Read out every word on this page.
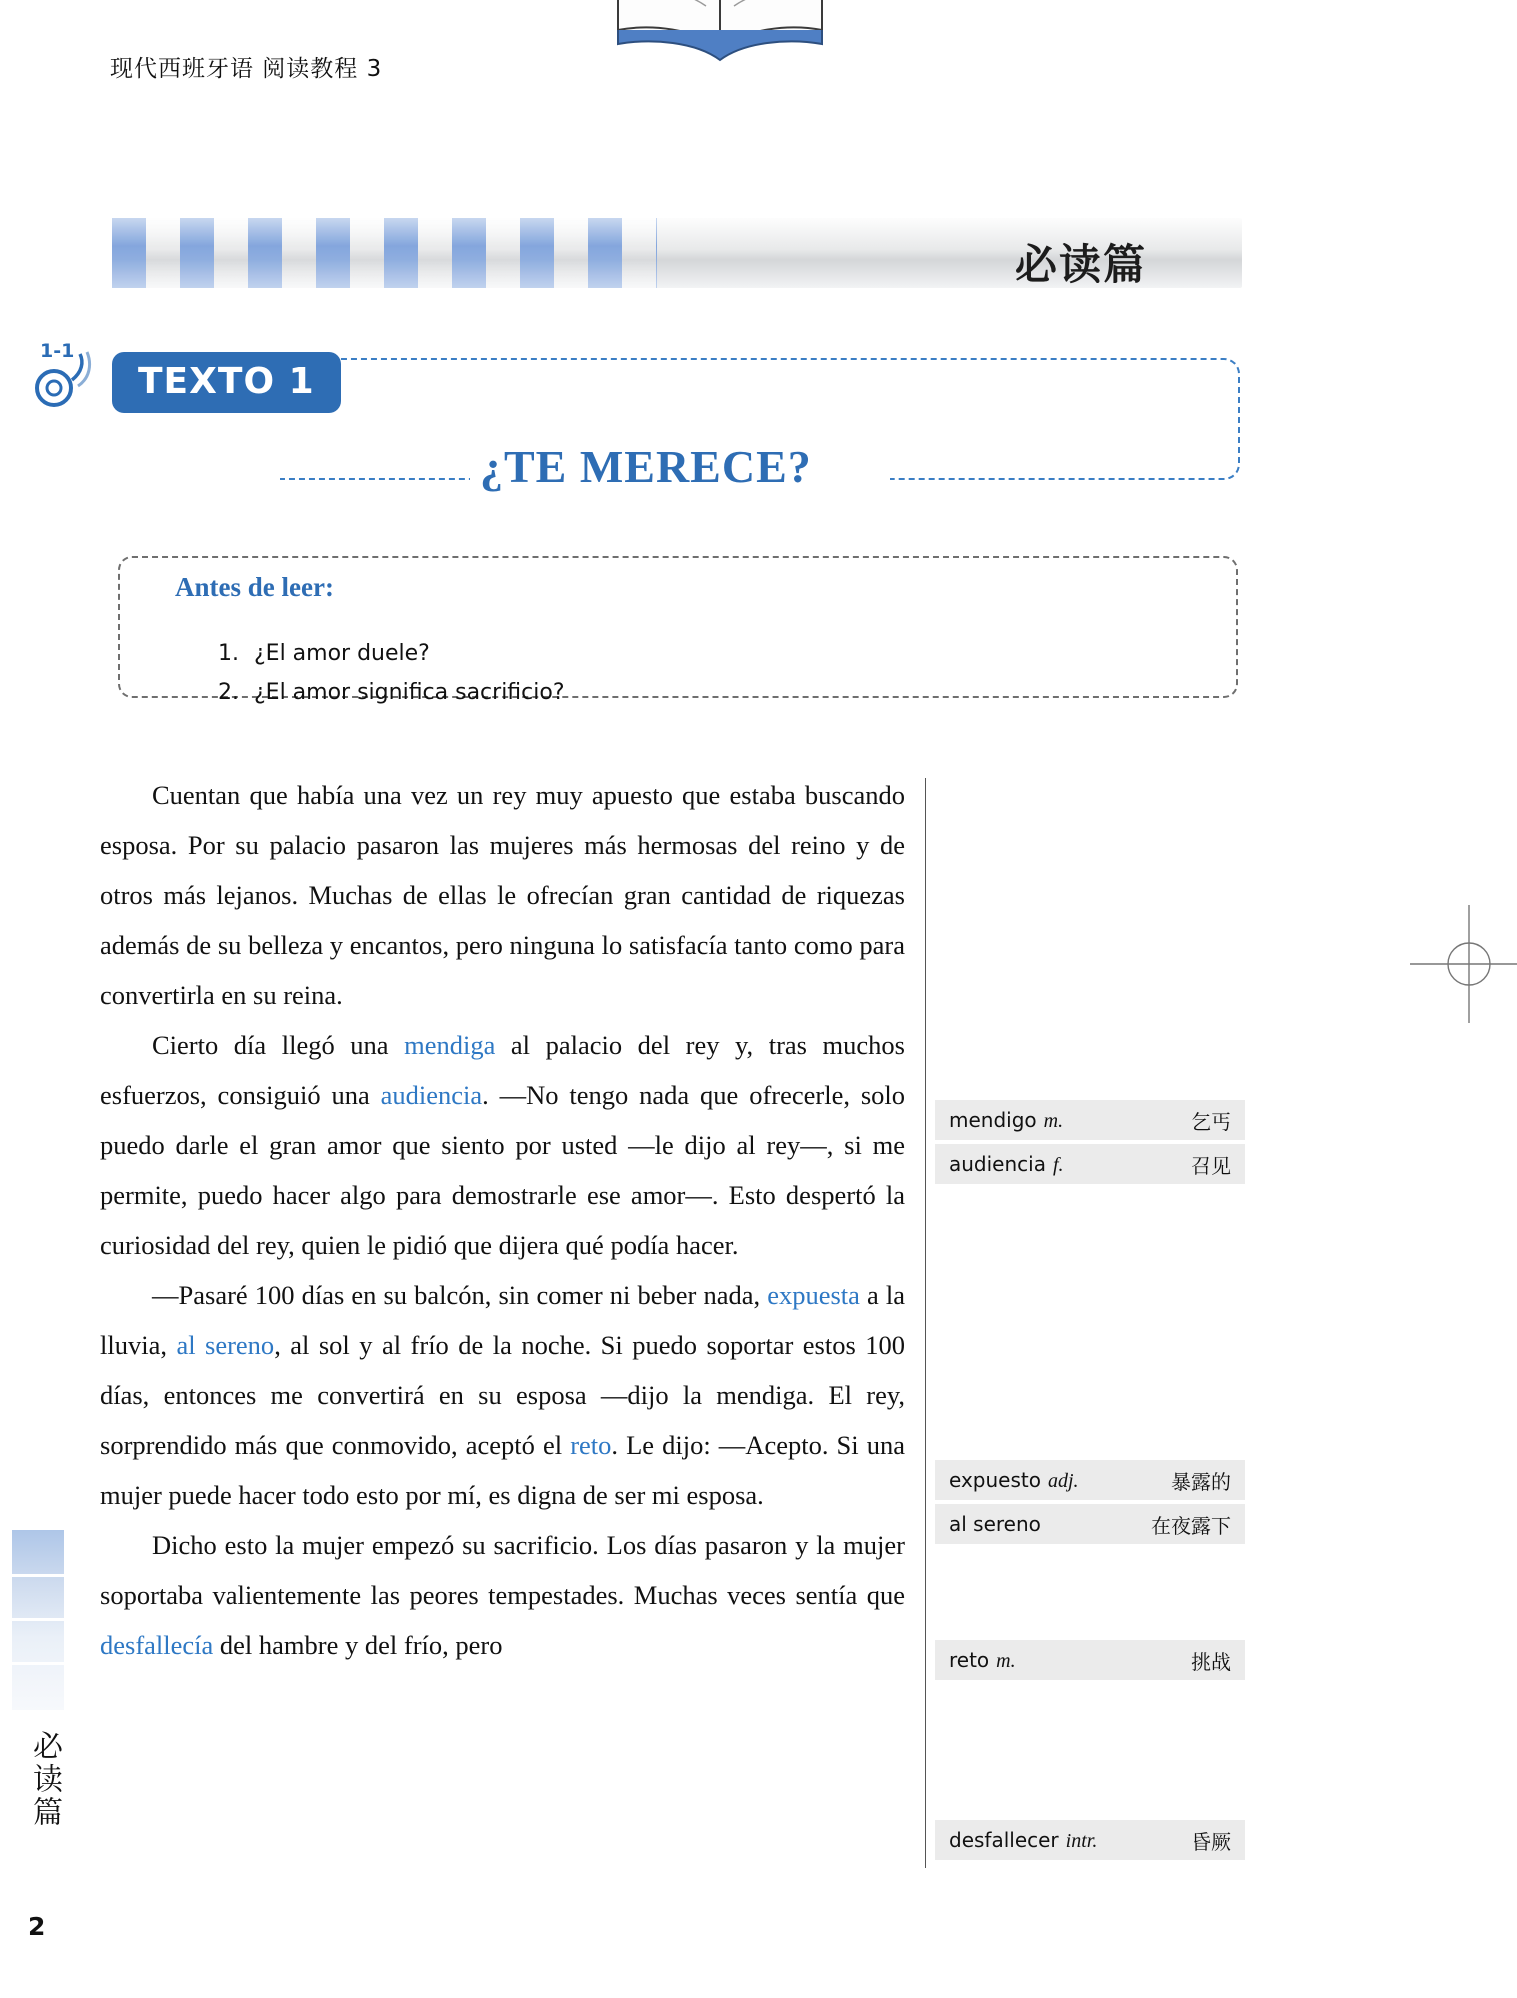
现代西班牙语 阅读教程 3
必读篇
1-1
TEXTO 1
¿TE MERECE?
Antes de leer:
1. ¿El amor duele?
2. ¿El amor significa sacrificio?

Cuentan que había una vez un rey muy apuesto que estaba buscando esposa. Por su palacio pasaron las mujeres más hermosas del reino y de otros más lejanos. Muchas de ellas le ofrecían gran cantidad de riquezas además de su belleza y encantos, pero ninguna lo satisfacía tanto como para convertirla en su reina.

Cierto día llegó una mendiga al palacio del rey y, tras muchos esfuerzos, consiguió una audiencia. —No tengo nada que ofrecerle, solo puedo darle el gran amor que siento por usted —le dijo al rey—, si me permite, puedo hacer algo para demostrarle ese amor—. Esto despertó la curiosidad del rey, quien le pidió que dijera qué podía hacer.

—Pasaré 100 días en su balcón, sin comer ni beber nada, expuesta a la lluvia, al sereno, al sol y al frío de la noche. Si puedo soportar estos 100 días, entonces me convertirá en su esposa —dijo la mendiga. El rey, sorprendido más que conmovido, aceptó el reto. Le dijo: —Acepto. Si una mujer puede hacer todo esto por mí, es digna de ser mi esposa.

Dicho esto la mujer empezó su sacrificio. Los días pasaron y la mujer soportaba valientemente las peores tempestades. Muchas veces sentía que desfallecía del hambre y del frío, pero

mendigo m.	乞丐
audiencia f.	召见
expuesto adj.	暴露的
al sereno	在夜露下
reto m.	挑战
desfallecer intr.	昏厥
必读篇
2
